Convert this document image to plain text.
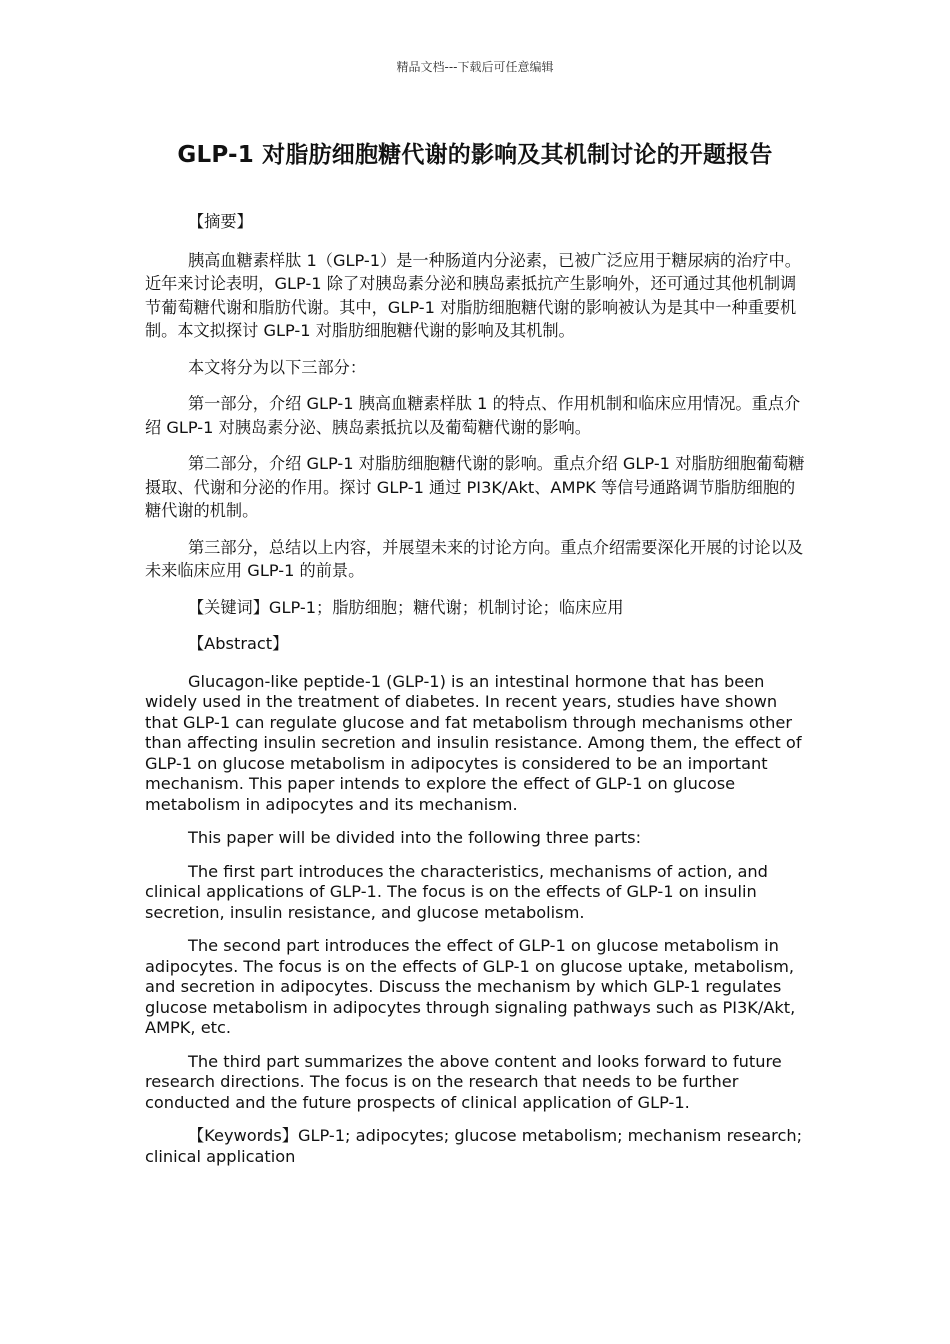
精品文档---下载后可任意编辑
GLP-1 对脂肪细胞糖代谢的影响及其机制讨论的开题报告

【摘要】

胰高血糖素样肽 1（GLP-1）是一种肠道内分泌素，已被广泛应用于糖尿病的治疗中。近年来讨论表明，GLP-1 除了对胰岛素分泌和胰岛素抵抗产生影响外，还可通过其他机制调节葡萄糖代谢和脂肪代谢。其中，GLP-1 对脂肪细胞糖代谢的影响被认为是其中一种重要机制。本文拟探讨 GLP-1 对脂肪细胞糖代谢的影响及其机制。

本文将分为以下三部分：

第一部分，介绍 GLP-1 胰高血糖素样肽 1 的特点、作用机制和临床应用情况。重点介绍 GLP-1 对胰岛素分泌、胰岛素抵抗以及葡萄糖代谢的影响。

第二部分，介绍 GLP-1 对脂肪细胞糖代谢的影响。重点介绍 GLP-1 对脂肪细胞葡萄糖摄取、代谢和分泌的作用。探讨 GLP-1 通过 PI3K/Akt、AMPK 等信号通路调节脂肪细胞的糖代谢的机制。

第三部分，总结以上内容，并展望未来的讨论方向。重点介绍需要深化开展的讨论以及未来临床应用 GLP-1 的前景。

【关键词】GLP-1；脂肪细胞；糖代谢；机制讨论；临床应用

【Abstract】

Glucagon-like peptide-1 (GLP-1) is an intestinal hormone that has been widely used in the treatment of diabetes. In recent years, studies have shown that GLP-1 can regulate glucose and fat metabolism through mechanisms other than affecting insulin secretion and insulin resistance. Among them, the effect of GLP-1 on glucose metabolism in adipocytes is considered to be an important mechanism. This paper intends to explore the effect of GLP-1 on glucose metabolism in adipocytes and its mechanism.

This paper will be divided into the following three parts:

The first part introduces the characteristics, mechanisms of action, and clinical applications of GLP-1. The focus is on the effects of GLP-1 on insulin secretion, insulin resistance, and glucose metabolism.

The second part introduces the effect of GLP-1 on glucose metabolism in adipocytes. The focus is on the effects of GLP-1 on glucose uptake, metabolism, and secretion in adipocytes. Discuss the mechanism by which GLP-1 regulates glucose metabolism in adipocytes through signaling pathways such as PI3K/Akt, AMPK, etc.

The third part summarizes the above content and looks forward to future research directions. The focus is on the research that needs to be further conducted and the future prospects of clinical application of GLP-1.

【Keywords】GLP-1; adipocytes; glucose metabolism; mechanism research; clinical application
